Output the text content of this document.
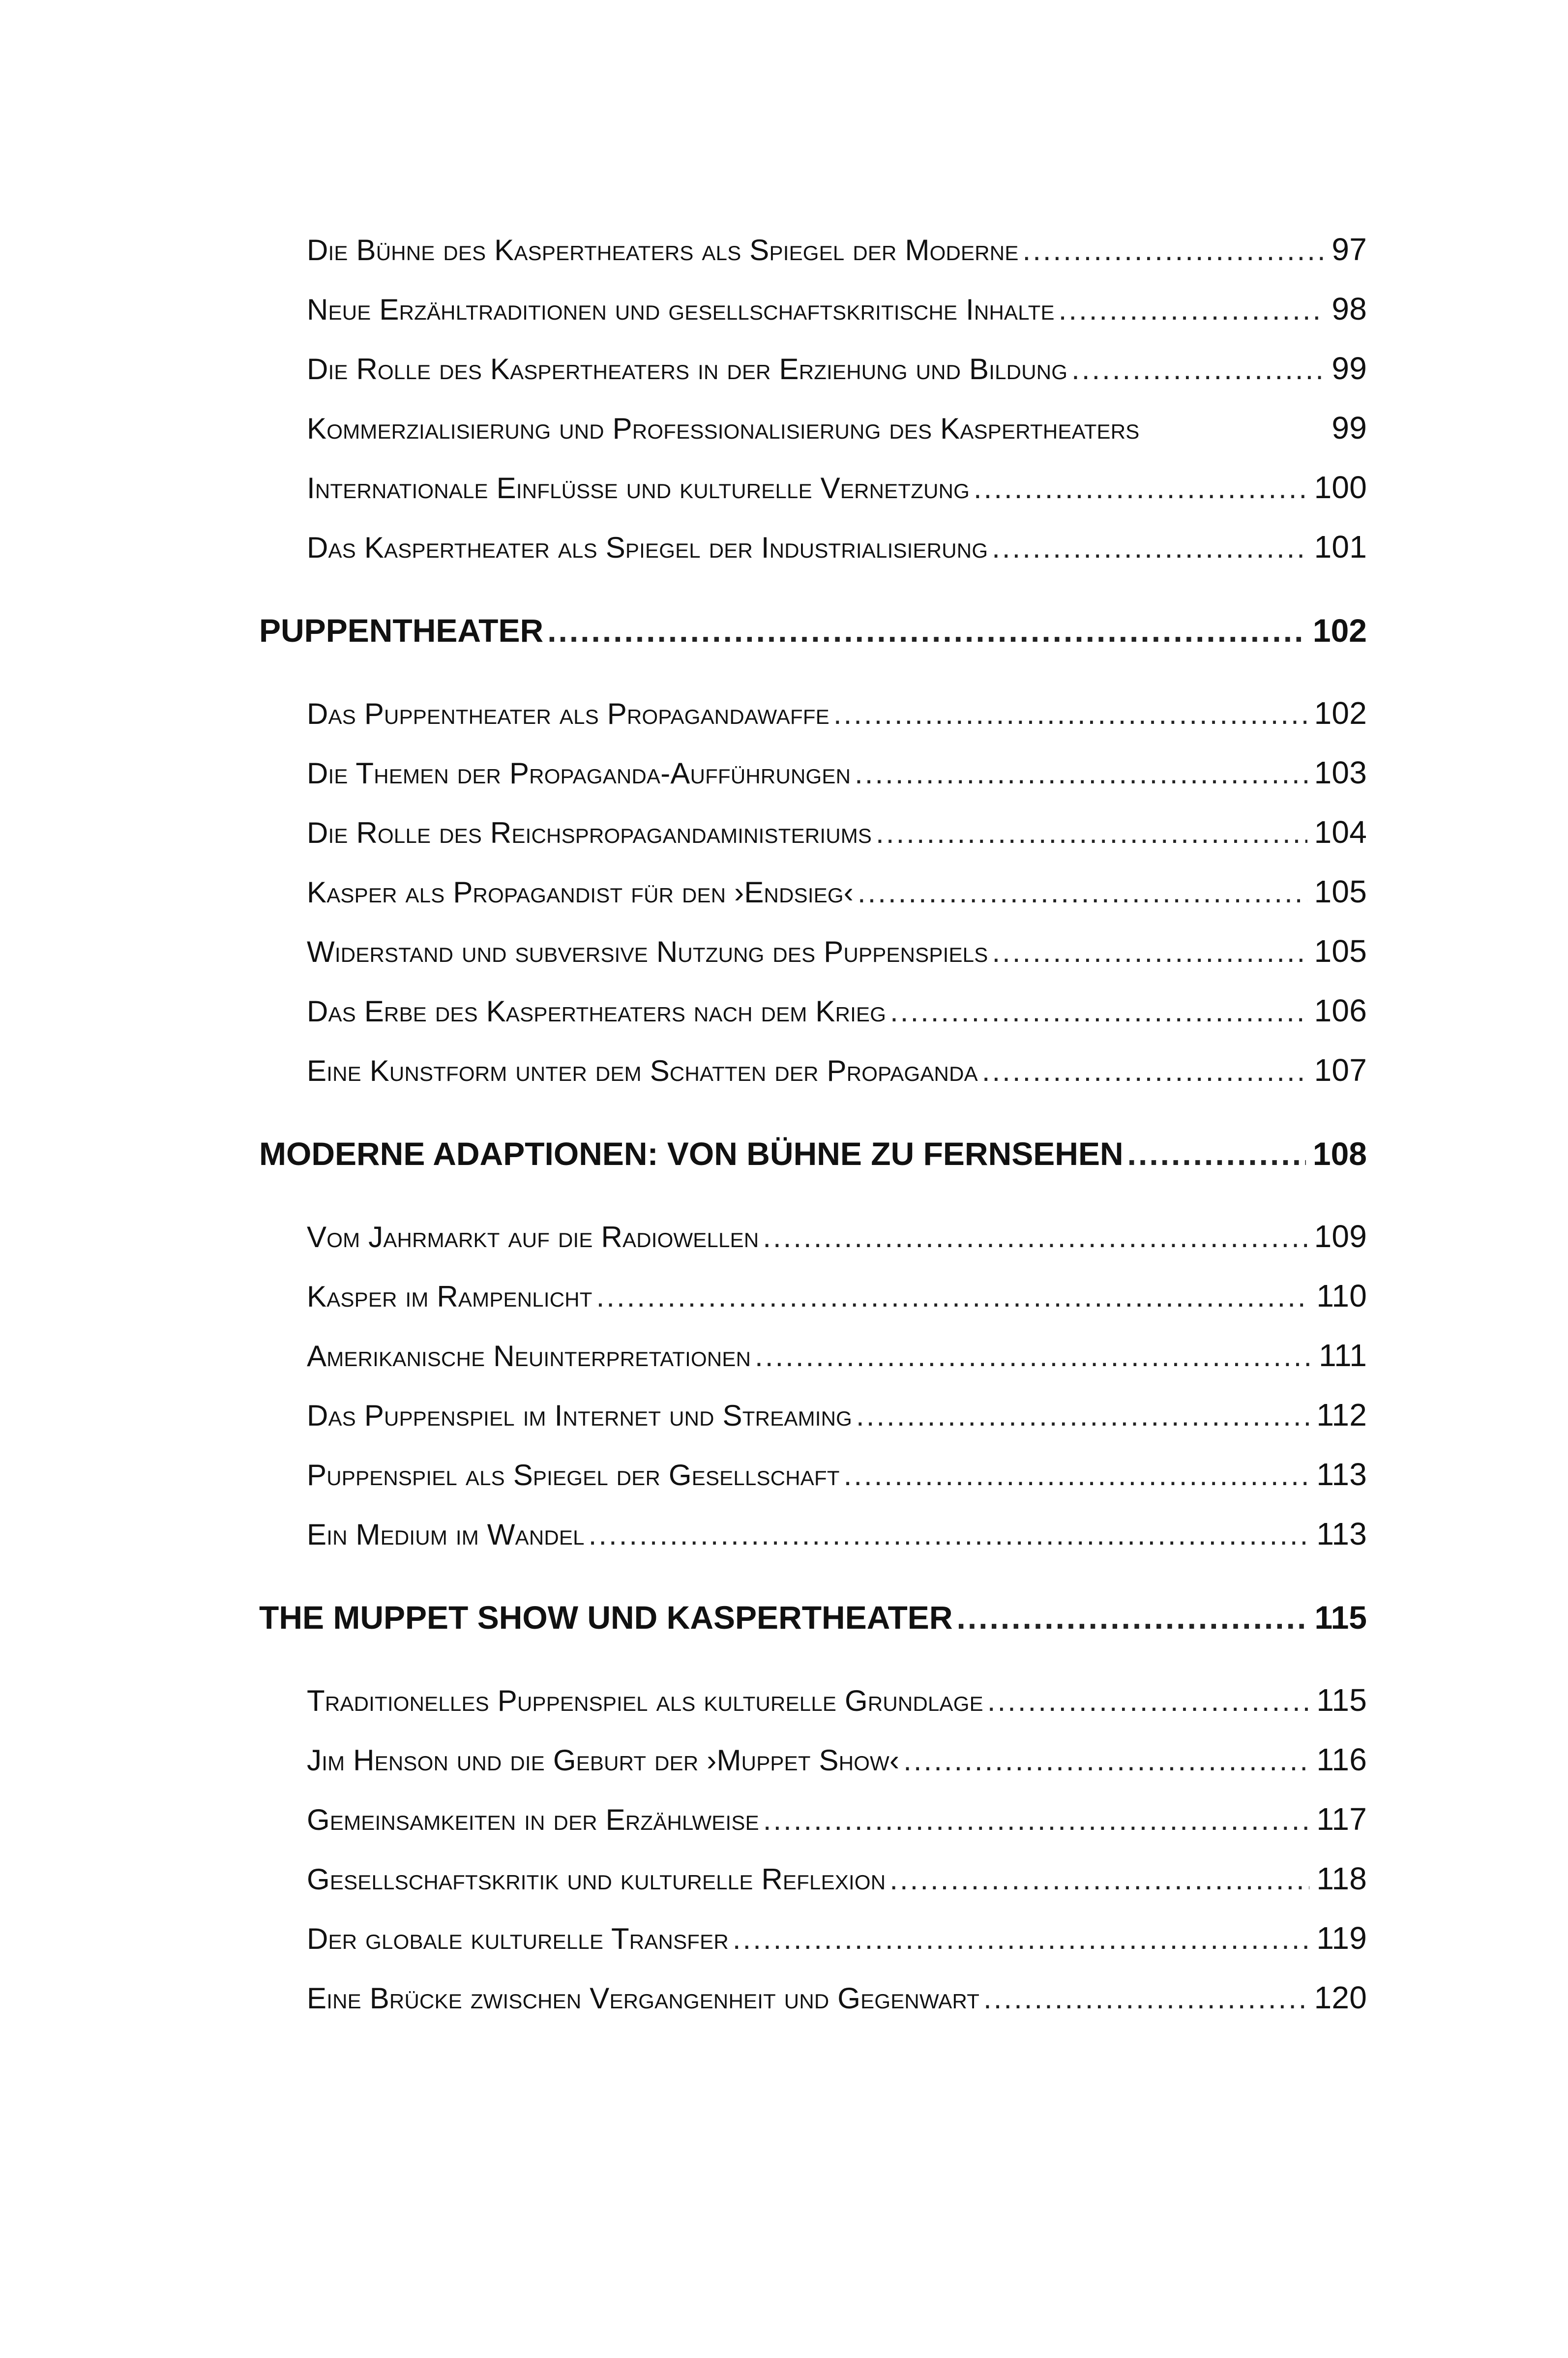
Die Bühne des Kaspertheaters als Spiegel der Moderne .....	97
Neue Erzähltraditionen und gesellschaftskritische Inhalte .....	98
Die Rolle des Kaspertheaters in der Erziehung und Bildung .....	99
Kommerzialisierung und Professionalisierung des Kaspertheaters	99
Internationale Einflüsse und kulturelle Vernetzung .....	100
Das Kaspertheater als Spiegel der Industrialisierung .....	101
PUPPENTHEATER .....	102
Das Puppentheater als Propagandawaffe .....	102
Die Themen der Propaganda-Aufführungen .....	103
Die Rolle des Reichspropagandaministeriums .....	104
Kasper als Propagandist für den ›Endsieg‹ .....	105
Widerstand und subversive Nutzung des Puppenspiels .....	105
Das Erbe des Kaspertheaters nach dem Krieg .....	106
Eine Kunstform unter dem Schatten der Propaganda .....	107
MODERNE ADAPTIONEN: VON BÜHNE ZU FERNSEHEN .....	108
Vom Jahrmarkt auf die Radiowellen .....	109
Kasper im Rampenlicht .....	110
Amerikanische Neuinterpretationen .....	111
Das Puppenspiel im Internet und Streaming .....	112
Puppenspiel als Spiegel der Gesellschaft .....	113
Ein Medium im Wandel .....	113
THE MUPPET SHOW UND KASPERTHEATER .....	115
Traditionelles Puppenspiel als kulturelle Grundlage .....	115
Jim Henson und die Geburt der ›Muppet Show‹ .....	116
Gemeinsamkeiten in der Erzählweise .....	117
Gesellschaftskritik und kulturelle Reflexion .....	118
Der globale kulturelle Transfer .....	119
Eine Brücke zwischen Vergangenheit und Gegenwart .....	120
